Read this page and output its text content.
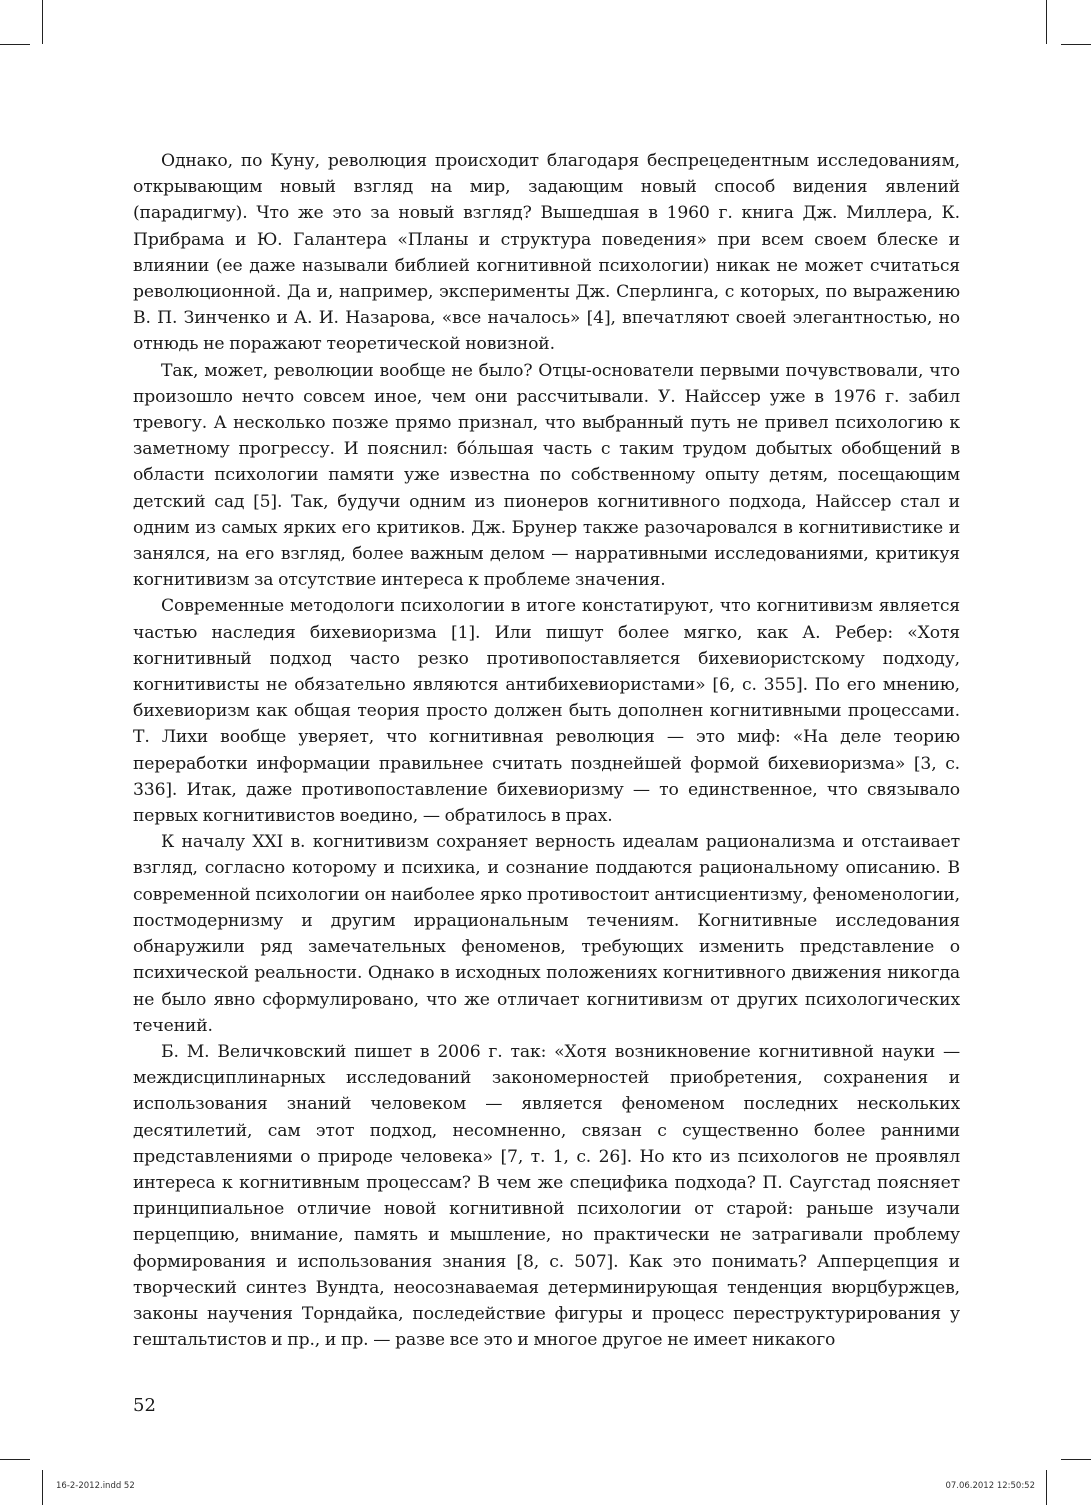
Однако, по Куну, революция происходит благодаря беспрецедентным исследованиям, открывающим новый взгляд на мир, задающим новый способ видения явлений (парадигму). Что же это за новый взгляд? Вышедшая в 1960 г. книга Дж. Миллера, К. Прибрама и Ю. Галантера «Планы и структура поведения» при всем своем блеске и влиянии (ее даже называли библией когнитивной психологии) никак не может считаться революционной. Да и, например, эксперименты Дж. Сперлинга, с которых, по выражению В. П. Зинченко и А. И. Назарова, «все началось» [4], впечатляют своей элегантностью, но отнюдь не поражают теоретической новизной.

Так, может, революции вообще не было? Отцы-основатели первыми почувствовали, что произошло нечто совсем иное, чем они рассчитывали. У. Найссер уже в 1976 г. забил тревогу. А несколько позже прямо признал, что выбранный путь не привел психологию к заметному прогрессу. И пояснил: бóльшая часть с таким трудом добытых обобщений в области психологии памяти уже известна по собственному опыту детям, посещающим детский сад [5]. Так, будучи одним из пионеров когнитивного подхода, Найссер стал и одним из самых ярких его критиков. Дж. Брунер также разочаровался в когнитивистике и занялся, на его взгляд, более важным делом — нарративными исследованиями, критикуя когнитивизм за отсутствие интереса к проблеме значения.

Современные методологи психологии в итоге констатируют, что когнитивизм является частью наследия бихевиоризма [1]. Или пишут более мягко, как А. Ребер: «Хотя когнитивный подход часто резко противопоставляется бихевиористскому подходу, когнитивисты не обязательно являются антибихевиористами» [6, с. 355]. По его мнению, бихевиоризм как общая теория просто должен быть дополнен когнитивными процессами. Т. Лихи вообще уверяет, что когнитивная революция — это миф: «На деле теорию переработки информации правильнее считать позднейшей формой бихевиоризма» [3, с. 336]. Итак, даже противопоставление бихевиоризму — то единственное, что связывало первых когнитивистов воедино, — обратилось в прах.

К началу XXI в. когнитивизм сохраняет верность идеалам рационализма и отстаивает взгляд, согласно которому и психика, и сознание поддаются рациональному описанию. В современной психологии он наиболее ярко противостоит антисциентизму, феноменологии, постмодернизму и другим иррациональным течениям. Когнитивные исследования обнаружили ряд замечательных феноменов, требующих изменить представление о психической реальности. Однако в исходных положениях когнитивного движения никогда не было явно сформулировано, что же отличает когнитивизм от других психологических течений.

Б. М. Величковский пишет в 2006 г. так: «Хотя возникновение когнитивной науки — междисциплинарных исследований закономерностей приобретения, сохранения и использования знаний человеком — является феноменом последних нескольких десятилетий, сам этот подход, несомненно, связан с существенно более ранними представлениями о природе человека» [7, т. 1, с. 26]. Но кто из психологов не проявлял интереса к когнитивным процессам? В чем же специфика подхода? П. Саугстад поясняет принципиальное отличие новой когнитивной психологии от старой: раньше изучали перцепцию, внимание, память и мышление, но практически не затрагивали проблему формирования и использования знания [8, с. 507]. Как это понимать? Апперцепция и творческий синтез Вундта, неосознаваемая детерминирующая тенденция вюрцбуржцев, законы научения Торндайка, последействие фигуры и процесс переструктурирования у гештальтистов и пр., и пр. — разве все это и многое другое не имеет никакого

52
16-2-2012.indd 52	07.06.2012 12:50:52
